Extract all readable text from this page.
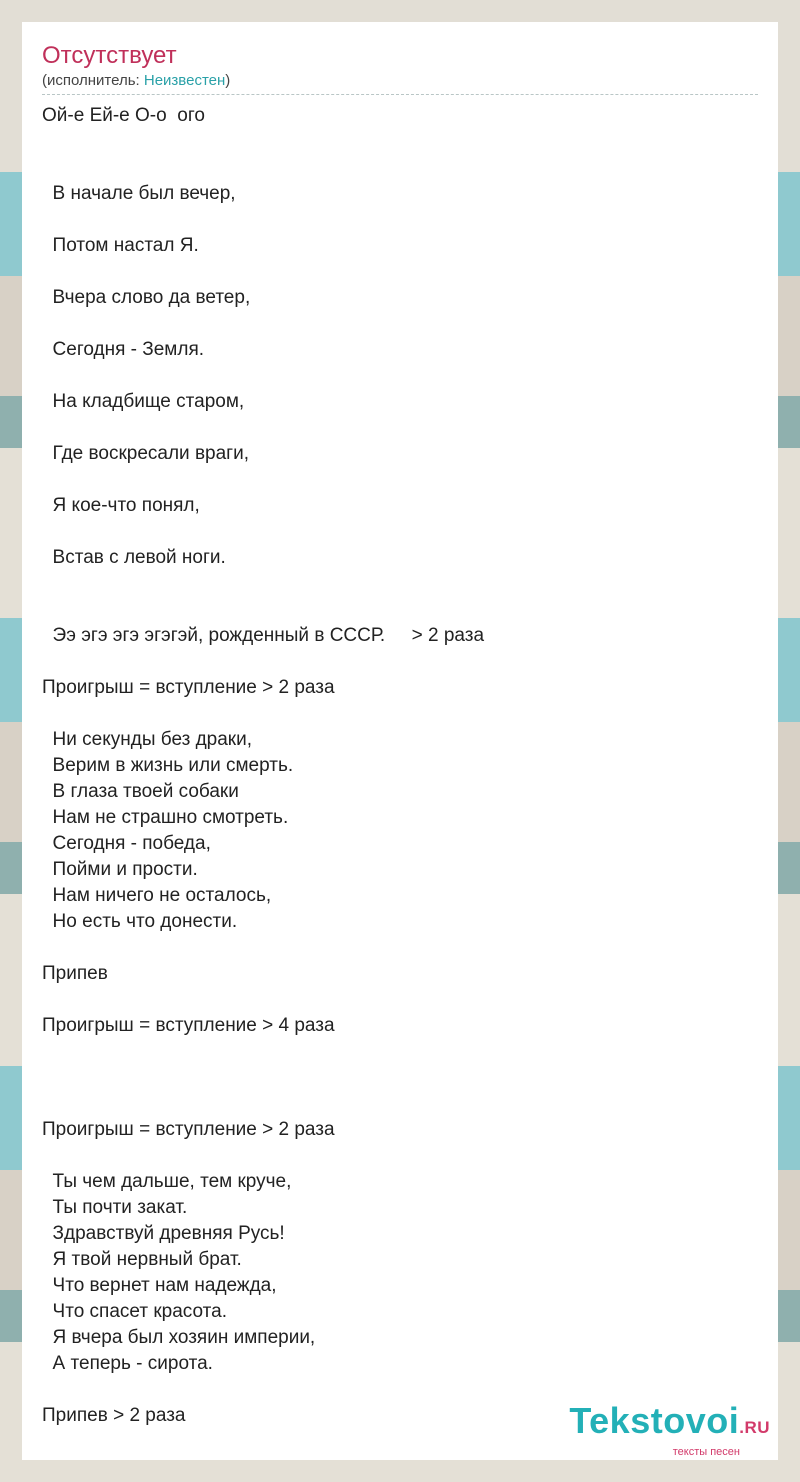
Отсутствует
(исполнитель: Неизвестен)
Ой-е Ей-е О-о  ого

В начале был вечер,

Потом настал Я.

Вчера слово да ветер,

Сегодня - Земля.

На кладбище старом,

Где воскресали враги,

Я кое-что понял,

Встав с левой ноги.

Ээ эгэ эгэ эгэгэй, рожденный в СССР.     > 2 раза

Проигрыш = вступление > 2 раза

Ни секунды без драки,
Верим в жизнь или смерть.
В глаза твоей собаки
Нам не страшно смотреть.
Сегодня - победа,
Пойми и прости.
Нам ничего не осталось,
Но есть что донести.

Припев

Проигрыш = вступление > 4 раза

Проигрыш = вступление > 2 раза

Ты чем дальше, тем круче,
Ты почти закат.
Здравствуй древняя Русь!
Я твой нервный брат.
Что вернет нам надежда,
Что спасет красота.
Я вчера был хозяин империи,
А теперь - сирота.

Припев > 2 раза	Tekstovoi.RU
тексты песен
